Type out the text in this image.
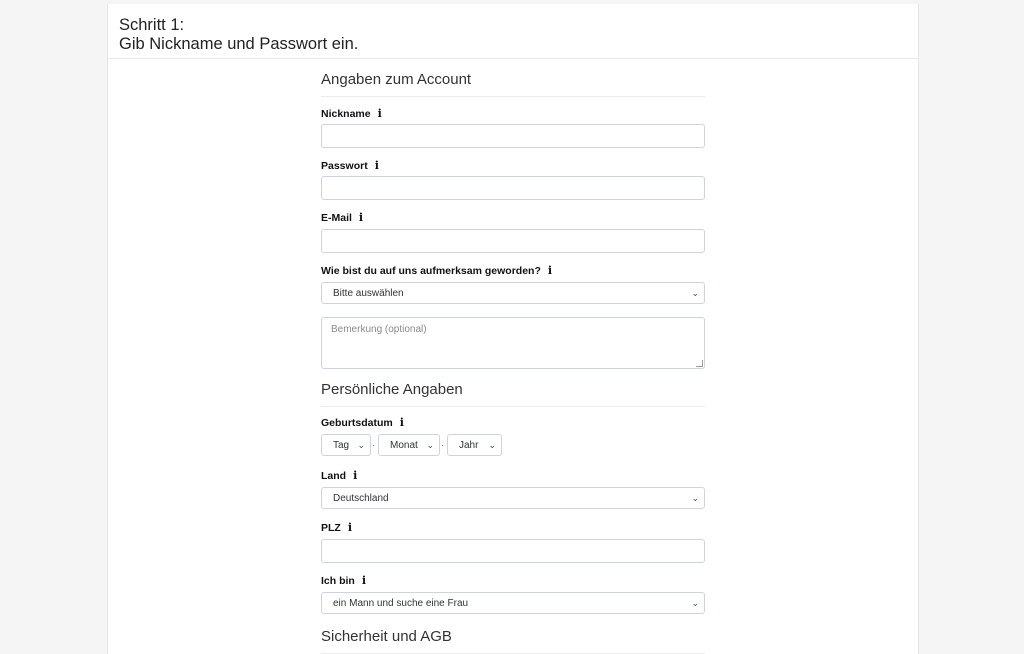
Schritt 1:
Gib Nickname und Passwort ein.
Angaben zum Account
Nickname i
Passwort i
E-Mail i
Wie bist du auf uns aufmerksam geworden? i
Bitte auswählen	⌄
Bemerkung (optional)
Persönliche Angaben
Geburtsdatum i
Tag ⌄ ·	Monat ⌄ ·	Jahr ⌄
Land i
Deutschland	⌄
PLZ i
Ich bin i
ein Mann und suche eine Frau	⌄
Sicherheit und AGB
